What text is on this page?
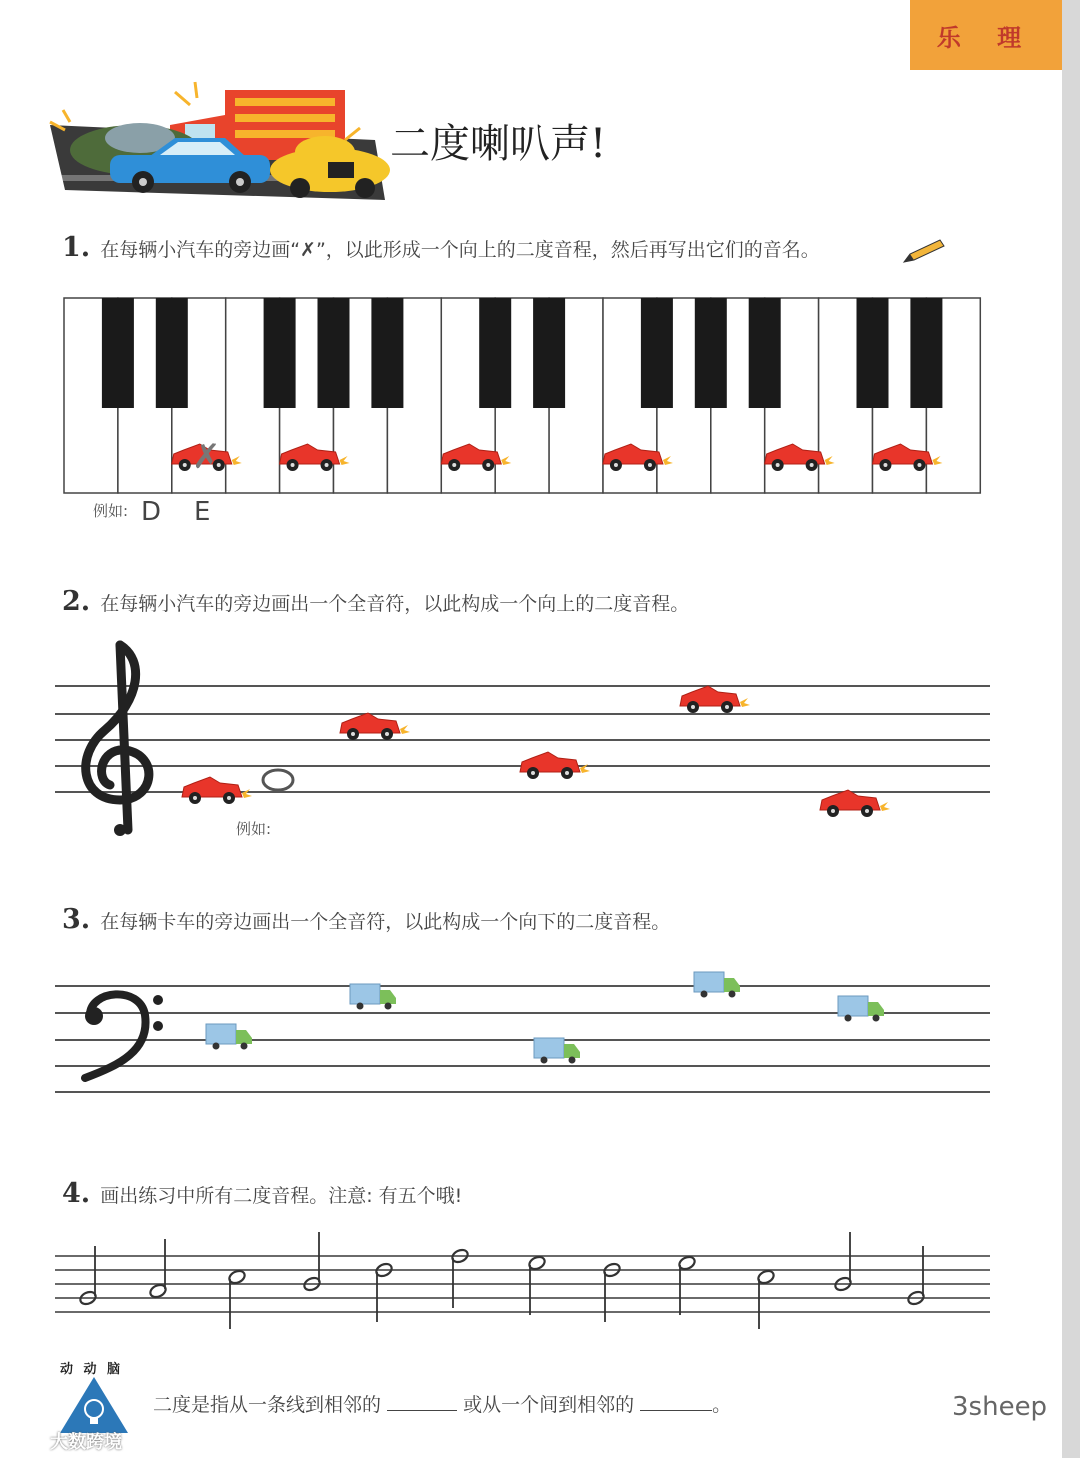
乐 理
二度喇叭声!
1. 在每辆小汽车的旁边画“✗”，以此形成一个向上的二度音程，然后再写出它们的音名。
✗
例如: D E
2. 在每辆小汽车的旁边画出一个全音符，以此构成一个向上的二度音程。
例如:
3. 在每辆卡车的旁边画出一个全音符，以此构成一个向下的二度音程。
4. 画出练习中所有二度音程。注意: 有五个哦!
动 动 脑
二度是指从一条线到相邻的	或从一个间到相邻的	。
大数跨境
3sheep
